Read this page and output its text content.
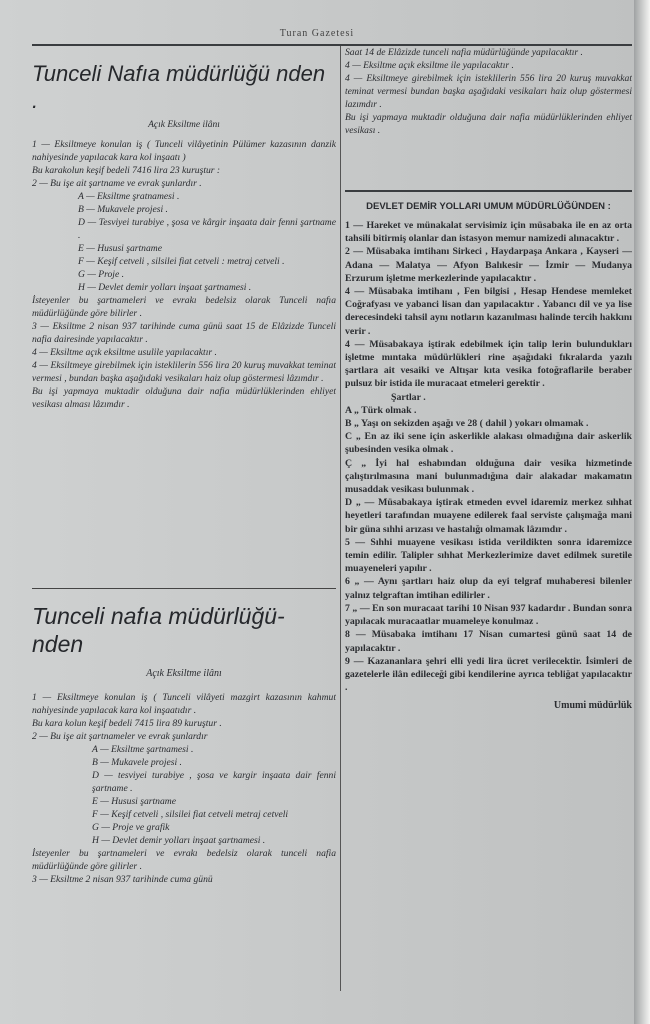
Turan Gazetesi
Tunceli Nafıa müdürlüğü nden .
Açık Eksiltme ilânı

1 — Eksiltmeye konulan iş ( Tunceli vilâyetinin Pülümer kazasının danzik nahiyesinde yapılacak kara kol inşaatı )

Bu karakolun keşif bedeli 7416 lira 23 kuruştur :

2 — Bu işe ait şartname ve evrak şunlardır .

A — Eksiltme şratnamesi .

B — Mukavele projesi .

D — Tesviyei turabiye , şosa ve kârgir inşaata dair fenni şartname .

E — Hususi şartname

F — Keşif cetveli , silsilei fiat cetveli : metraj cetveli .

G — Proje .

H — Devlet demir yolları inşaat şartnamesi .

İsteyenler bu şartnameleri ve evrakı bedelsiz olarak Tunceli nafıa müdürlüğünde göre bilirler .

3 — Eksiltme 2 nisan 937 tarihinde cuma günü saat 15 de Elâzizde Tunceli nafia dairesinde yapılacaktır .

4 — Eksiltme açık eksiltme usulile yapılacaktır .

4 — Eksiltmeye girebilmek için isteklilerin 556 lira 20 kuruş muvakkat teminat vermesi , bundan başka aşağıdaki vesikaları haiz olup göstermesi lâzımdır .

Bu işi yapmaya muktadir olduğuna dair nafia müdürlüklerinden ehliyet vesikası alması lâzımdır .

Tunceli nafıa müdürlüğü- nden
Açık Eksiltme ilânı

1 — Eksiltmeye konulan iş ( Tunceli vilâyeti mazgirt kazasının kahmut nahiyesinde yapılacak kara kol inşaatıdır .

Bu kara kolun keşif bedeli 7415 lira 89 kuruştur .

2 — Bu işe ait şartnameler ve evrak şunlardır

A — Eksiltme şartnamesi .

B — Mukavele projesi .

D — tesviyei turabiye , şosa ve kargir inşaata dair fenni şartname .

E — Hususi şartname

F — Keşif cetveli , silsilei fiat cetveli metraj cetveli

G — Proje ve grafik

H — Devlet demir yolları inşaat şartnamesi .

İsteyenler bu şartnameleri ve evrakı bedelsiz olarak tunceli nafia müdürlüğünde göre gilirler .

3 — Eksiltme 2 nisan 937 tarihinde cuma günü

Saat 14 de Elâzizde tunceli nafia müdürlüğünde yapılacaktır .

4 — Eksiltme açık eksiltme ile yapılacaktır .

4 — Eksiltmeye girebilmek için isteklilerin 556 lira 20 kuruş muvakkat teminat vermesi bundan başka aşağıdaki vesikaları haiz olup göstermesi lazımdır .

Bu işi yapmaya muktadir olduğuna dair nafia müdürlüklerinden ehliyet vesikası .

DEVLET DEMİR YOLLARI UMUM MÜDÜRLÜĞÜNDEN :

1 — Hareket ve münakalat servisimiz için müsabaka ile en az orta tahsili bitirmiş olanlar dan istasyon memur namizedi alınacaktır .

2 — Müsabaka imtihanı Sirkeci , Haydarpaşa Ankara , Kayseri — Adana — Malatya — Afyon Balıkesir — İzmir — Mudanya Erzurum işletme merkezlerinde yapılacaktır .

4 — Müsabaka imtihanı , Fen bilgisi , Hesap Hendese memleket Coğrafyası ve yabanci lisan dan yapılacaktır . Yabancı dil ve ya lise derecesindeki tahsil aynı notların kazanılması halinde tercih hakkını verir .

4 — Müsabakaya iştirak edebilmek için talip lerin bulundukları işletme mıntaka müdürlükleri rine aşağıdaki fıkralarda yazılı şartlara ait vesaiki ve Altışar kıta vesika fotoğraflarile beraber pulsuz bir istida ile muracaat etmeleri gerektir .

Şartlar .

A „ Türk olmak .

B „ Yaşı on sekizden aşağı ve 28 ( dahil ) yokarı olmamak .

C „ En az iki sene için askerlikle alakası olmadığına dair askerlik şubesinden vesika olmak .

Ç „ İyi hal eshabından olduğuna dair vesika hizmetinde çalıştırılmasına mani bulunmadığına dair alakadar makamatın musaddak vesikası bulunmak .

D „ — Müsabakaya iştirak etmeden evvel idaremiz merkez sıhhat heyetleri tarafından muayene edilerek faal serviste çalışmağa mani bir güna sıhhi arızası ve hastalığı olmamak lâzımdır .

5 — Sıhhi muayene vesikası istida verildikten sonra idaremizce temin edilir. Talipler sıhhat Merkezlerimize davet edilmek suretile muayeneleri yapılır .

6 „ — Aynı şartları haiz olup da eyi telgraf muhaberesi bilenler yalnız telgraftan imtihan edilirler .

7 „ — En son muracaat tarihi 10 Nisan 937 kadardır . Bundan sonra yapılacak muracaatlar muameleye konulmaz .

8 — Müsabaka imtihanı 17 Nisan cumartesi günü saat 14 de yapılacaktır .

9 — Kazananlara şehri elli yedi lira ücret verilecektir. İsimleri de gazetelerle ilân edileceği gibi kendilerine ayrıca tebliğat yapılacaktır .

Umumi müdürlük
